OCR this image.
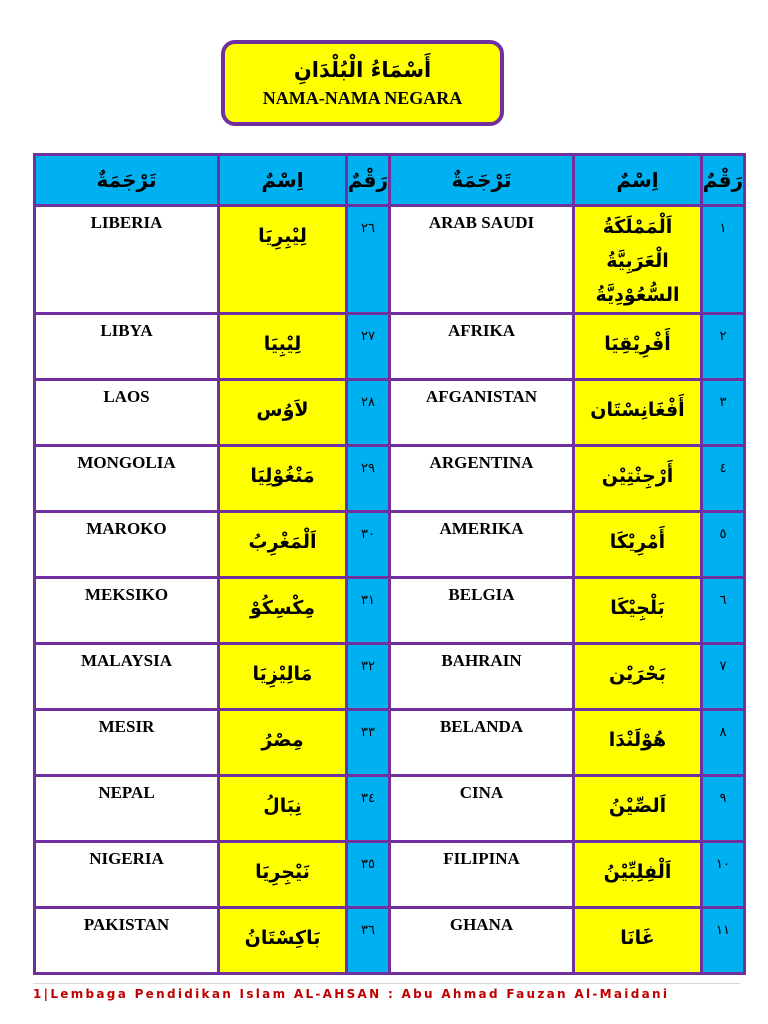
أَسْمَاءُ الْبُلْدَانِ
NAMA-NAMA NEGARA
تَرْجَمَةٌ	اِسْمٌ	رَقْمٌ	تَرْجَمَةٌ	اِسْمٌ	رَقْمٌ
LIBERIA	لِيْبِرِيَا	٢٦	ARAB SAUDI	اَلْمَمْلَكَةُ الْعَرَبِيَّةُ السُّعُوْدِيَّةُ	١
LIBYA	لِيْبِيَا	٢٧	AFRIKA	أَفْرِيْقِيَا	٢
LAOS	لاَوُس	٢٨	AFGANISTAN	أَفْغَانِسْتَان	٣
MONGOLIA	مَنْغُوْلِيَا	٢٩	ARGENTINA	أَرْجِنْتِيْن	٤
MAROKO	اَلْمَغْرِبُ	٣٠	AMERIKA	أَمْرِيْكَا	٥
MEKSIKO	مِكْسِكُوْ	٣١	BELGIA	بَلْجِيْكَا	٦
MALAYSIA	مَالِيْزِيَا	٣٢	BAHRAIN	بَحْرَيْن	٧
MESIR	مِصْرُ	٣٣	BELANDA	هُوْلَنْدَا	٨
NEPAL	نِبَالُ	٣٤	CINA	اَلصِّيْنُ	٩
NIGERIA	نَيْجِرِيَا	٣٥	FILIPINA	اَلْفِلِبِّيْنُ	١٠
PAKISTAN	بَاكِسْتَانُ	٣٦	GHANA	غَانَا	١١
1|Lembaga Pendidikan Islam AL-AHSAN : Abu Ahmad Fauzan Al-Maidani
